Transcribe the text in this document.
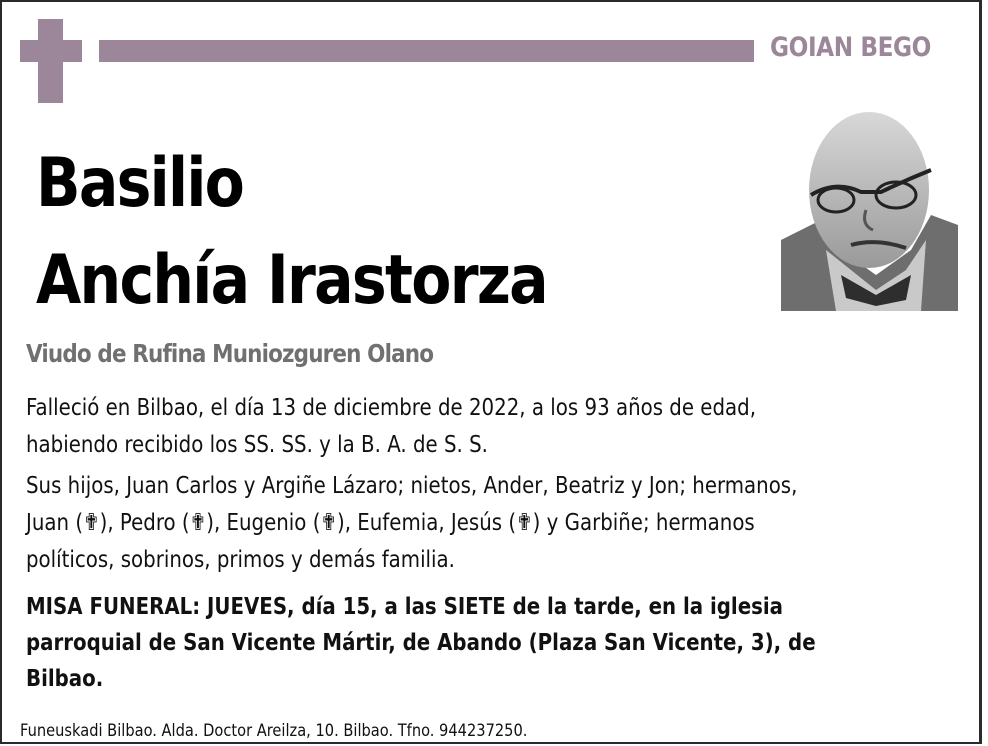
GOIAN BEGO
Basilio
Anchía Irastorza
Viudo de Rufina Muniozguren Olano
Falleció en Bilbao, el día 13 de diciembre de 2022, a los 93 años de edad,
habiendo recibido los SS. SS. y la B. A. de S. S.
Sus hijos, Juan Carlos y Argiñe Lázaro; nietos, Ander, Beatriz y Jon; hermanos,
Juan (✟), Pedro (✟), Eugenio (✟), Eufemia, Jesús (✟) y Garbiñe; hermanos
políticos, sobrinos, primos y demás familia.
MISA FUNERAL: JUEVES, día 15, a las SIETE de la tarde, en la iglesia
parroquial de San Vicente Mártir, de Abando (Plaza San Vicente, 3), de
Bilbao.
Funeuskadi Bilbao. Alda. Doctor Areilza, 10. Bilbao. Tfno. 944237250.
